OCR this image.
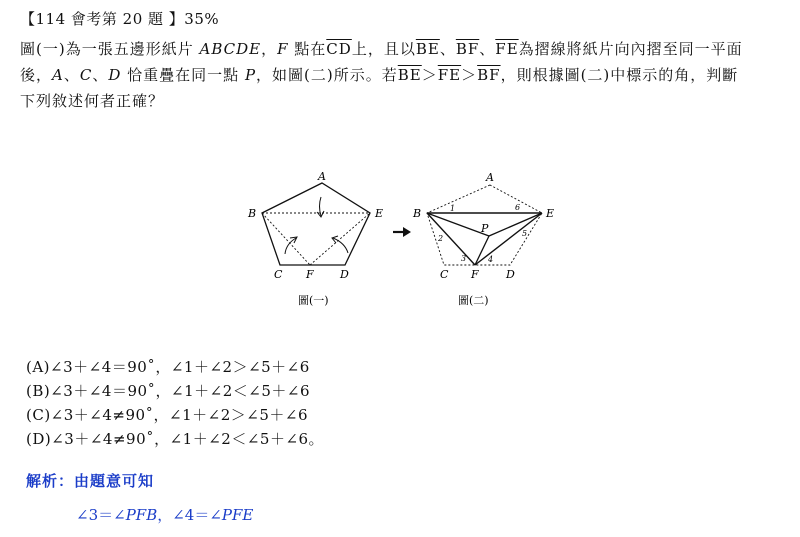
【114 會考第 20 題 】35%

圖(一)為一張五邊形紙片 ABCDE，F 點在$\overline{CD}$上，且以$\overline{BE}$、$\overline{BF}$、$\overline{FE}$為摺線將紙片向內摺至同一平面

後，A、C、D 恰重疊在同一點 P，如圖(二)所示。若$\overline{BE}>\overline{FE}>\overline{BF}$，則根據圖(二)中標示的角，判斷

下列敘述何者正確？

A
B	E
C F D
圖(一)
A
B	E
C F D
P
1
2
3	4
5
6
圖(二)
(A)∠3＋∠4＝90˚，∠1＋∠2＞∠5＋∠6
(B)∠3＋∠4＝90˚，∠1＋∠2＜∠5＋∠6
(C)∠3＋∠4≠90˚，∠1＋∠2＞∠5＋∠6
(D)∠3＋∠4≠90˚，∠1＋∠2＜∠5＋∠6。
解析：由題意可知
∠3＝∠PFB，∠4＝∠PFE
